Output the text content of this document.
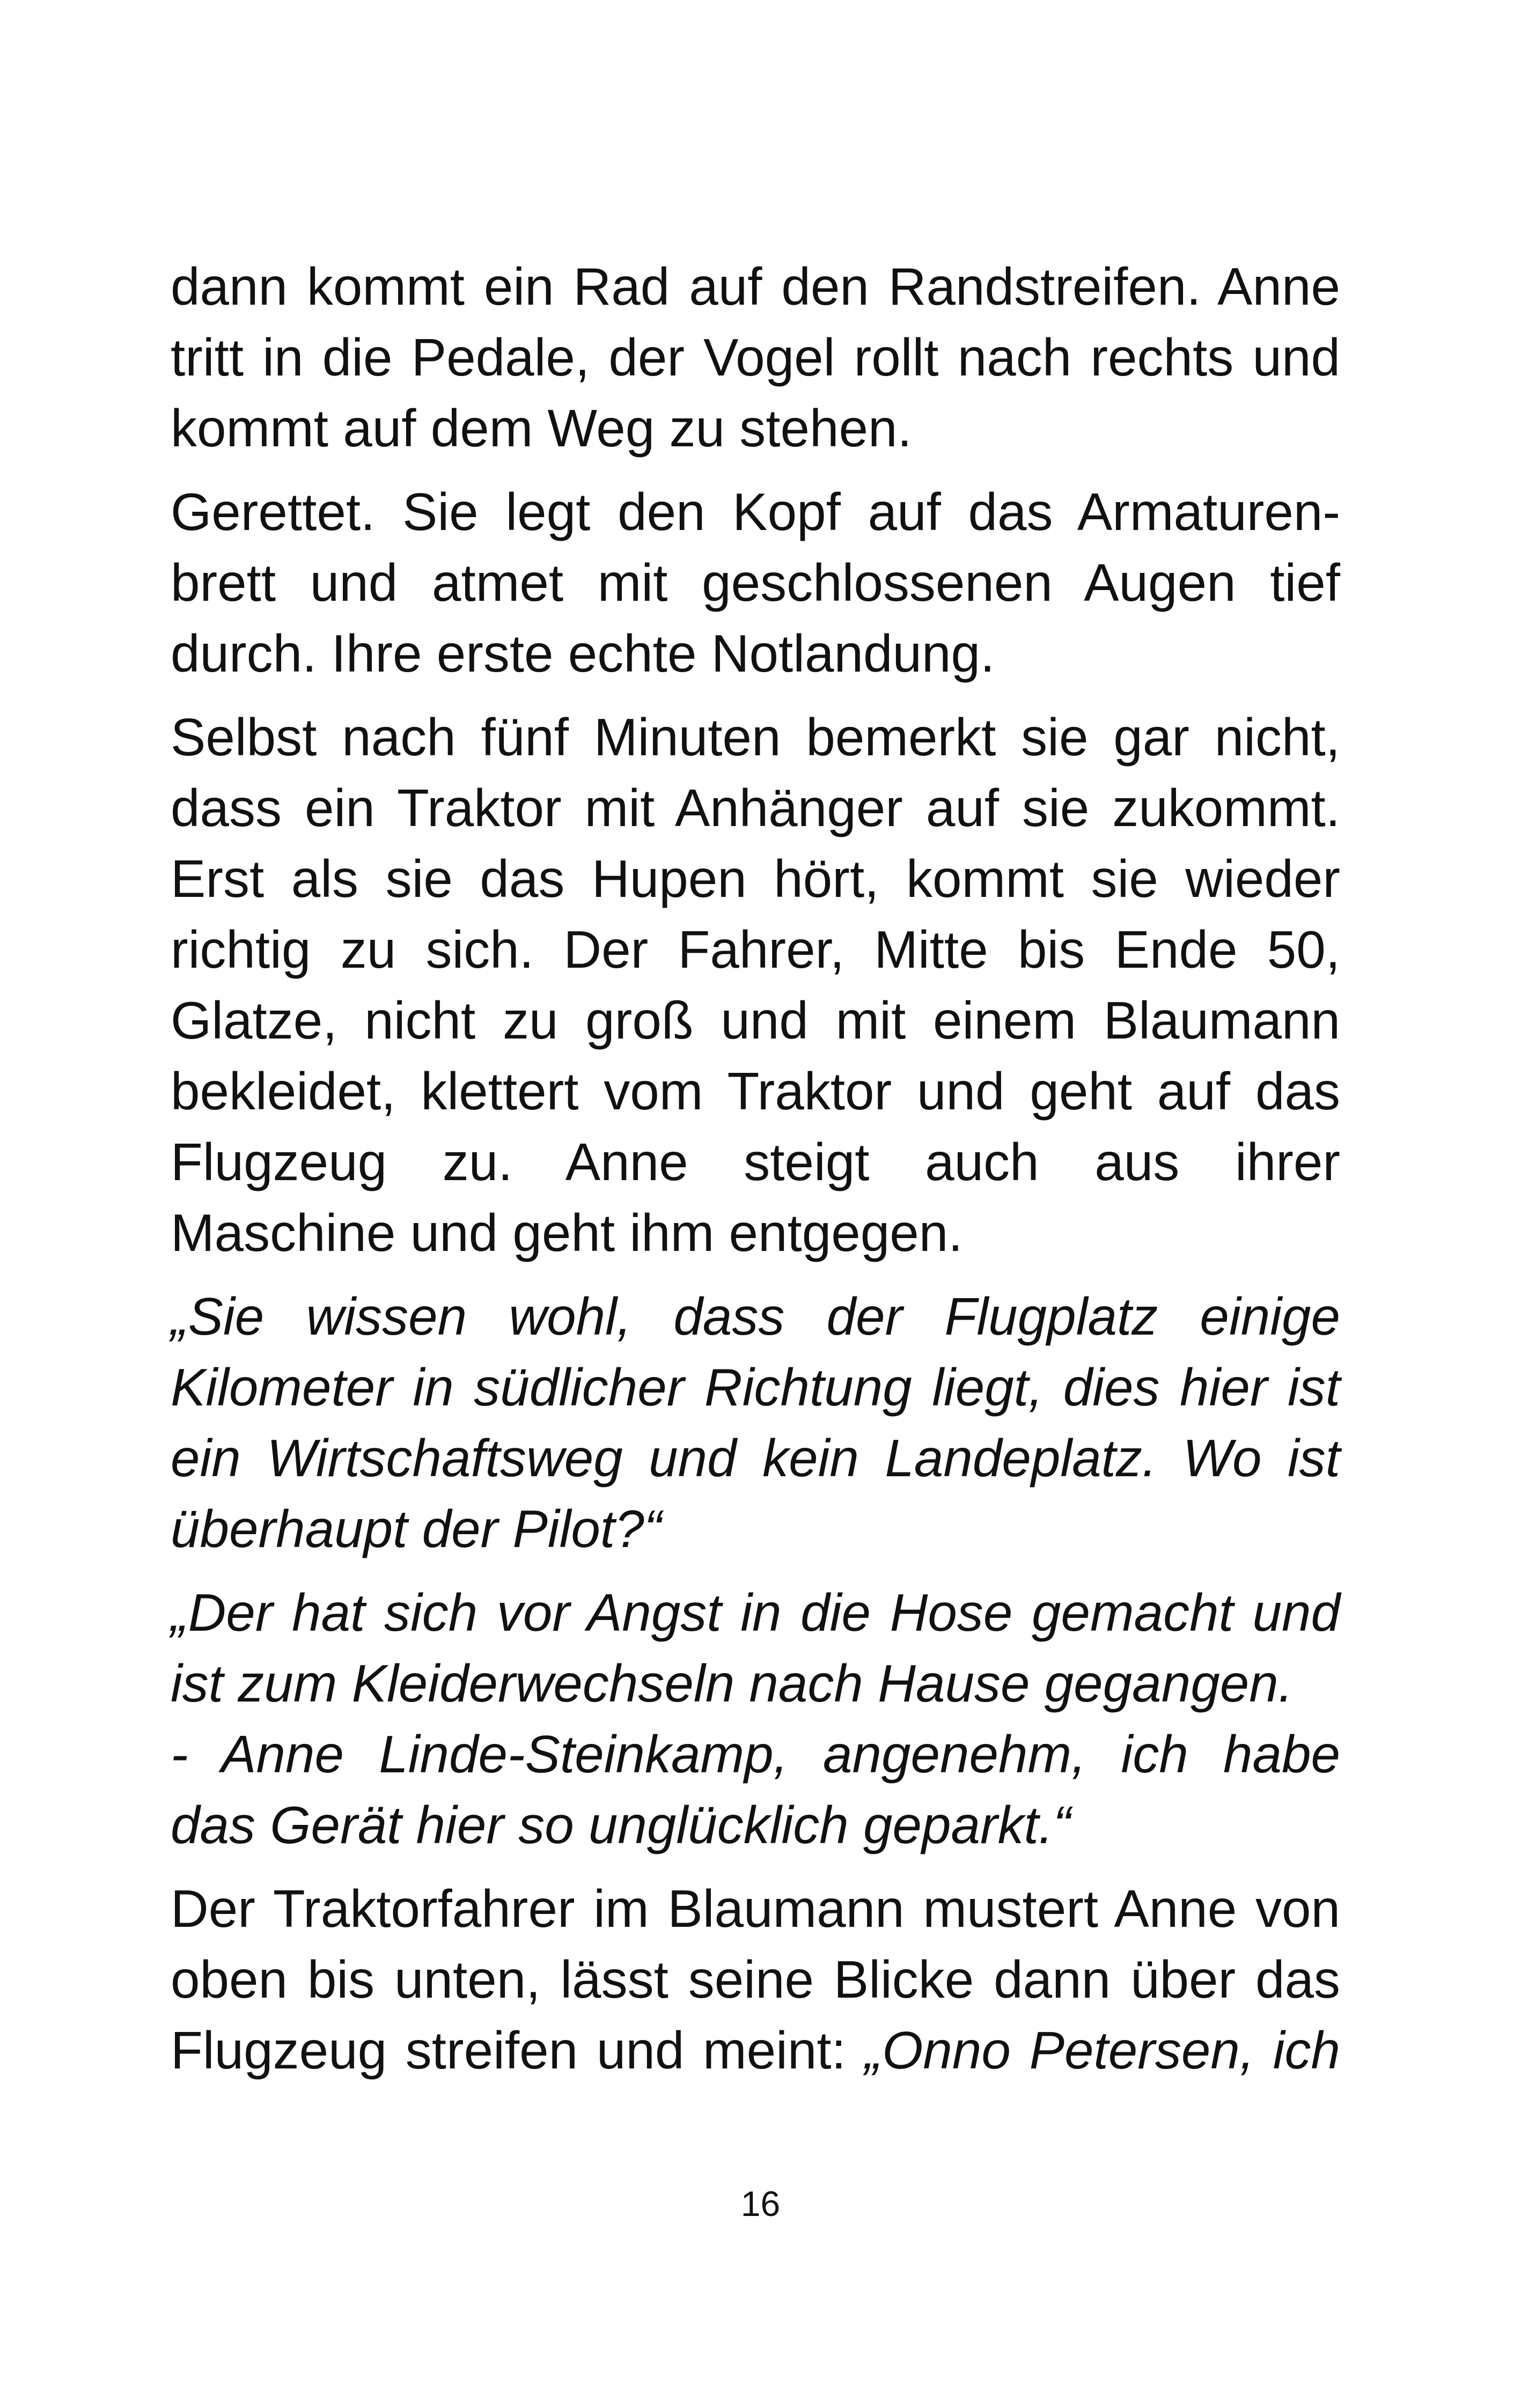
dann kommt ein Rad auf den Randstreifen. Anne
tritt in die Pedale, der Vogel rollt nach rechts und
kommt auf dem Weg zu stehen.

Gerettet. Sie legt den Kopf auf das Armaturen-
brett und atmet mit geschlossenen Augen tief
durch. Ihre erste echte Notlandung.

Selbst nach fünf Minuten bemerkt sie gar nicht,
dass ein Traktor mit Anhänger auf sie zukommt.
Erst als sie das Hupen hört, kommt sie wieder
richtig zu sich. Der Fahrer, Mitte bis Ende 50,
Glatze, nicht zu groß und mit einem Blaumann
bekleidet, klettert vom Traktor und geht auf das
Flugzeug zu. Anne steigt auch aus ihrer
Maschine und geht ihm entgegen.

„Sie wissen wohl, dass der Flugplatz einige
Kilometer in südlicher Richtung liegt, dies hier ist
ein Wirtschaftsweg und kein Landeplatz. Wo ist
überhaupt der Pilot?“

„Der hat sich vor Angst in die Hose gemacht und
ist zum Kleiderwechseln nach Hause gegangen.
- Anne Linde-Steinkamp, angenehm, ich habe
das Gerät hier so unglücklich geparkt.“

Der Traktorfahrer im Blaumann mustert Anne von
oben bis unten, lässt seine Blicke dann über das
Flugzeug streifen und meint: „Onno Petersen, ich

16
